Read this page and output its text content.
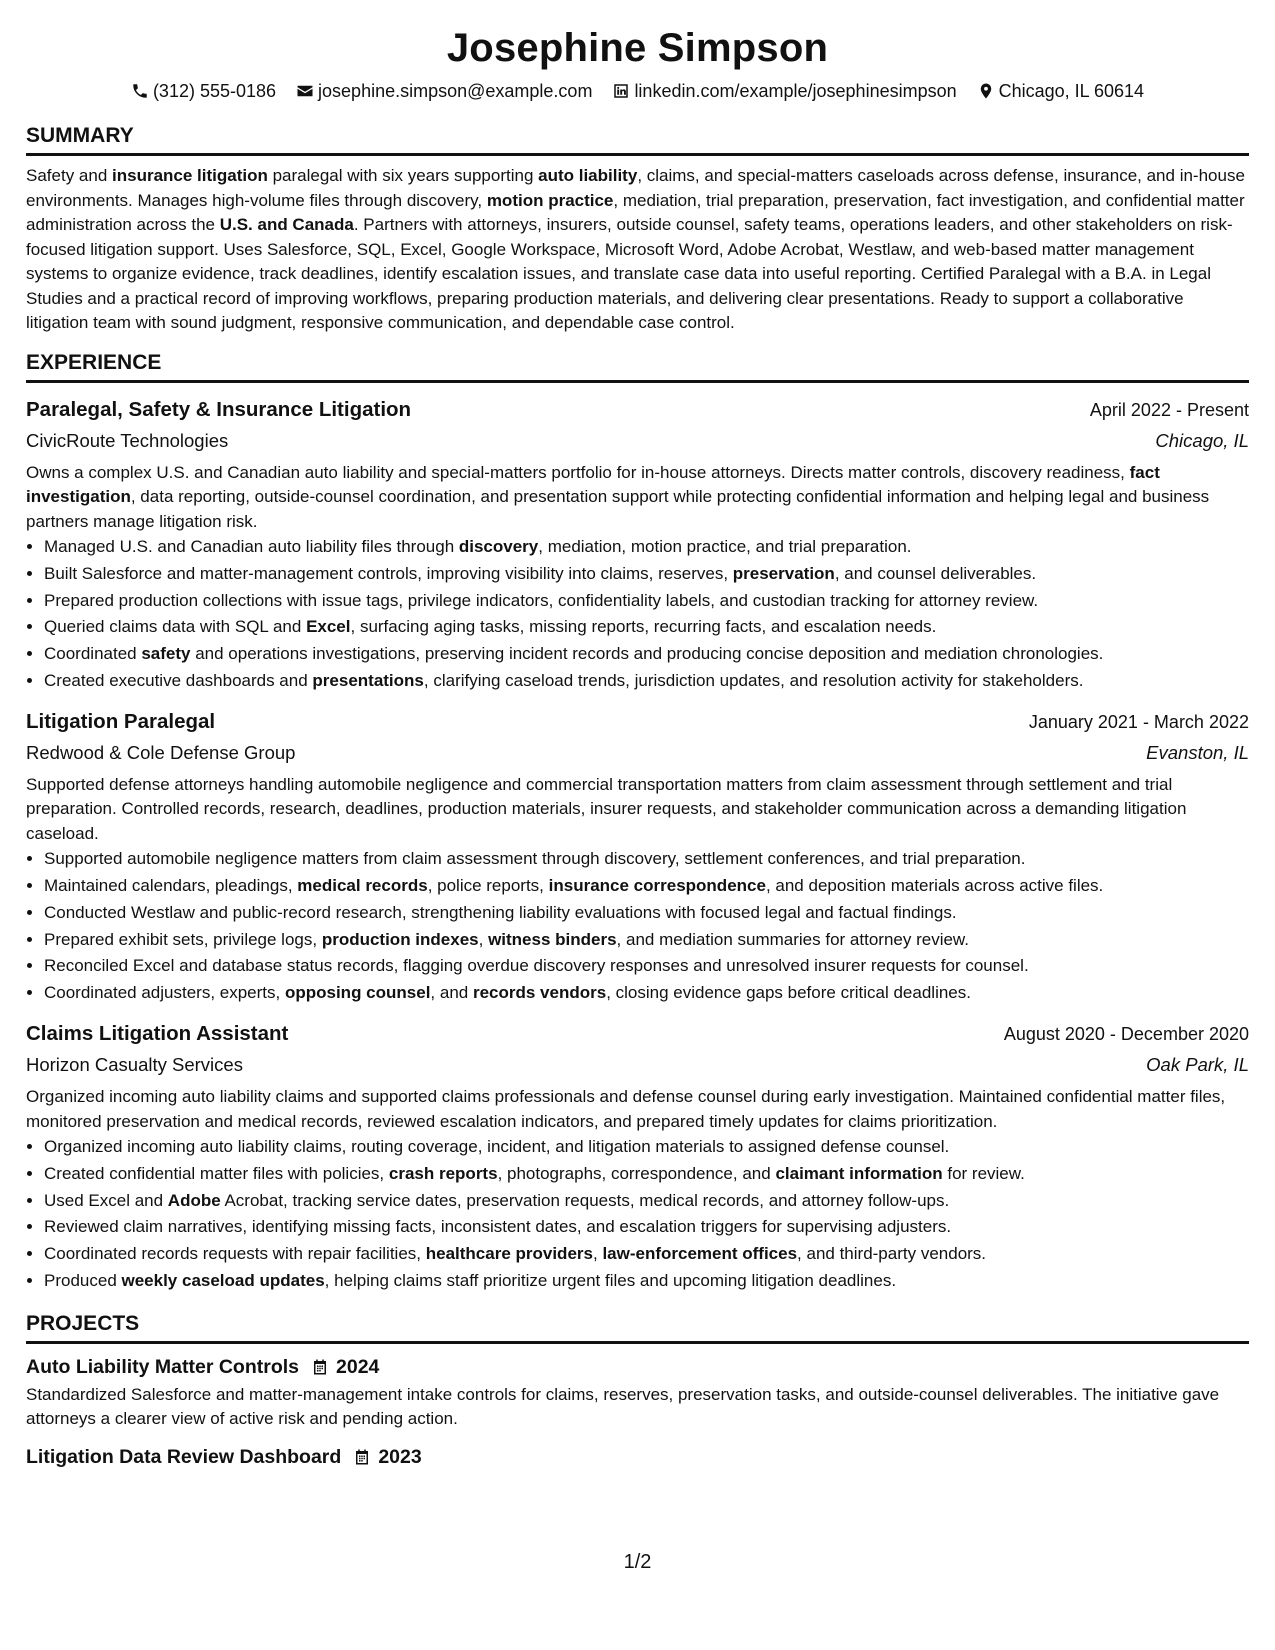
Josephine Simpson
(312) 555-0186 josephine.simpson@example.com linkedin.com/example/josephinesimpson Chicago, IL 60614
SUMMARY

Safety and insurance litigation paralegal with six years supporting auto liability, claims, and special-matters caseloads across defense, insurance, and in-house environments. Manages high-volume files through discovery, motion practice, mediation, trial preparation, preservation, fact investigation, and confidential matter administration across the U.S. and Canada. Partners with attorneys, insurers, outside counsel, safety teams, operations leaders, and other stakeholders on risk-focused litigation support. Uses Salesforce, SQL, Excel, Google Workspace, Microsoft Word, Adobe Acrobat, Westlaw, and web-based matter management systems to organize evidence, track deadlines, identify escalation issues, and translate case data into useful reporting. Certified Paralegal with a B.A. in Legal Studies and a practical record of improving workflows, preparing production materials, and delivering clear presentations. Ready to support a collaborative litigation team with sound judgment, responsive communication, and dependable case control.

EXPERIENCE
Paralegal, Safety & Insurance Litigation	April 2022 - Present
CivicRoute Technologies	Chicago, IL

Owns a complex U.S. and Canadian auto liability and special-matters portfolio for in-house attorneys. Directs matter controls, discovery readiness, fact investigation, data reporting, outside-counsel coordination, and presentation support while protecting confidential information and helping legal and business partners manage litigation risk.

• Managed U.S. and Canadian auto liability files through discovery, mediation, motion practice, and trial preparation.
• Built Salesforce and matter-management controls, improving visibility into claims, reserves, preservation, and counsel deliverables.
• Prepared production collections with issue tags, privilege indicators, confidentiality labels, and custodian tracking for attorney review.
• Queried claims data with SQL and Excel, surfacing aging tasks, missing reports, recurring facts, and escalation needs.
• Coordinated safety and operations investigations, preserving incident records and producing concise deposition and mediation chronologies.
• Created executive dashboards and presentations, clarifying caseload trends, jurisdiction updates, and resolution activity for stakeholders.
Litigation Paralegal	January 2021 - March 2022
Redwood & Cole Defense Group	Evanston, IL

Supported defense attorneys handling automobile negligence and commercial transportation matters from claim assessment through settlement and trial preparation. Controlled records, research, deadlines, production materials, insurer requests, and stakeholder communication across a demanding litigation caseload.

• Supported automobile negligence matters from claim assessment through discovery, settlement conferences, and trial preparation.
• Maintained calendars, pleadings, medical records, police reports, insurance correspondence, and deposition materials across active files.
• Conducted Westlaw and public-record research, strengthening liability evaluations with focused legal and factual findings.
• Prepared exhibit sets, privilege logs, production indexes, witness binders, and mediation summaries for attorney review.
• Reconciled Excel and database status records, flagging overdue discovery responses and unresolved insurer requests for counsel.
• Coordinated adjusters, experts, opposing counsel, and records vendors, closing evidence gaps before critical deadlines.
Claims Litigation Assistant	August 2020 - December 2020
Horizon Casualty Services	Oak Park, IL

Organized incoming auto liability claims and supported claims professionals and defense counsel during early investigation. Maintained confidential matter files, monitored preservation and medical records, reviewed escalation indicators, and prepared timely updates for claims prioritization.

• Organized incoming auto liability claims, routing coverage, incident, and litigation materials to assigned defense counsel.
• Created confidential matter files with policies, crash reports, photographs, correspondence, and claimant information for review.
• Used Excel and Adobe Acrobat, tracking service dates, preservation requests, medical records, and attorney follow-ups.
• Reviewed claim narratives, identifying missing facts, inconsistent dates, and escalation triggers for supervising adjusters.
• Coordinated records requests with repair facilities, healthcare providers, law-enforcement offices, and third-party vendors.
• Produced weekly caseload updates, helping claims staff prioritize urgent files and upcoming litigation deadlines.
PROJECTS
Auto Liability Matter Controls 2024

Standardized Salesforce and matter-management intake controls for claims, reserves, preservation tasks, and outside-counsel deliverables. The initiative gave attorneys a clearer view of active risk and pending action.

Litigation Data Review Dashboard 2023
1/2
